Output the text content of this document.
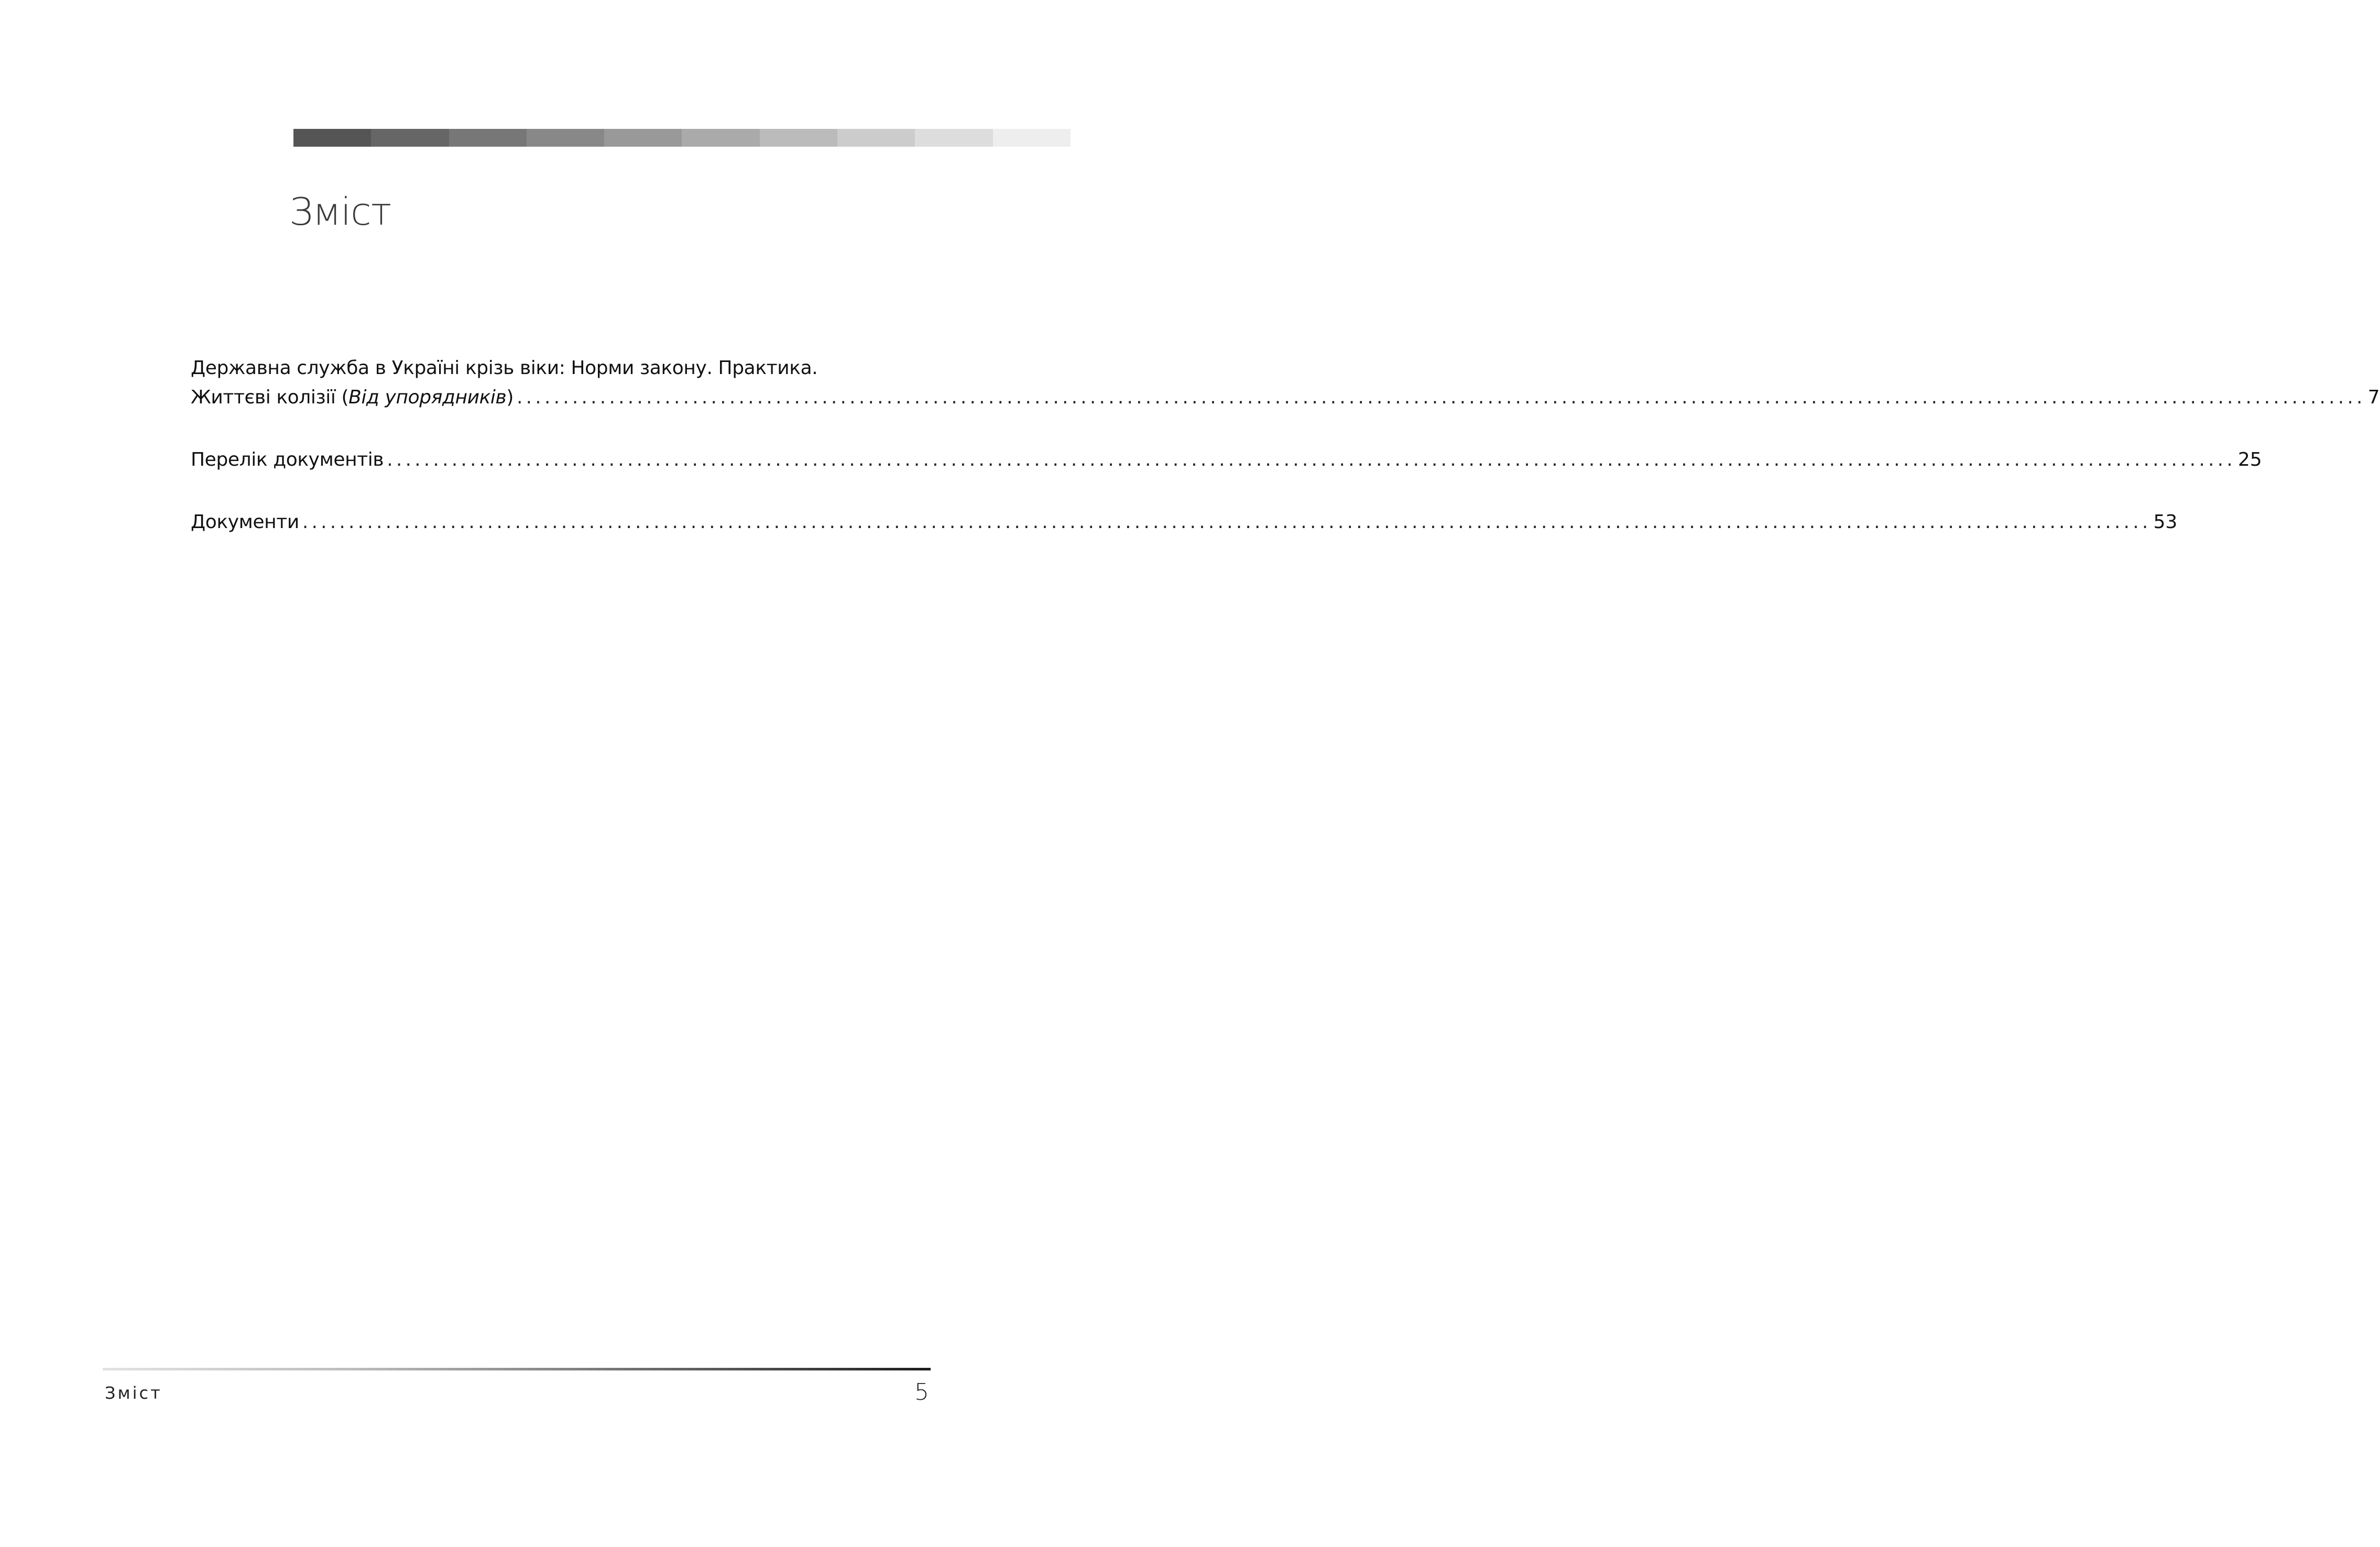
Зміст
Державна служба в Україні крізь віки: Норми закону. Практика.
Життєві колізії (Від упорядників) ........................................................................................................................................................................................................ 7
Перелік документів ........................................................................................................................................................................................................ 25
Документи ........................................................................................................................................................................................................ 53
Зміст	5
